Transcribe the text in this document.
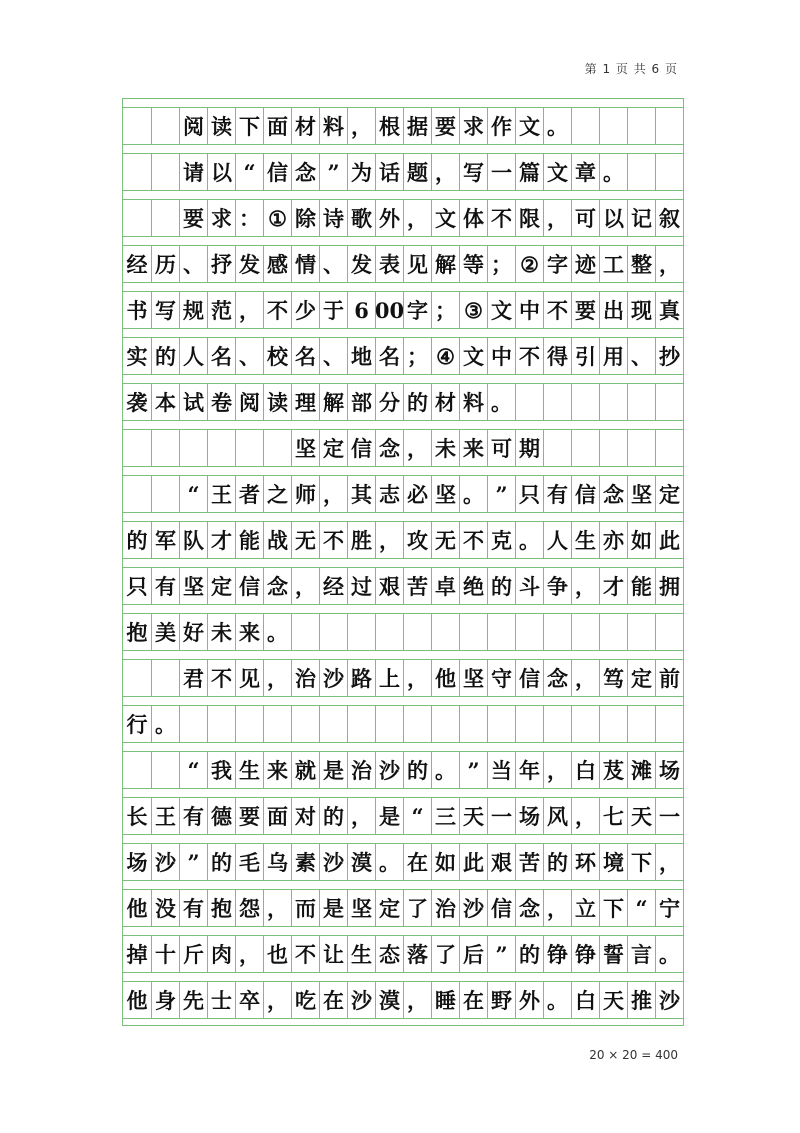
第 1 页 共 6 页
阅 读 下 面 材 料 ， 根 据 要 求 作 文 。
请 以 “ 信 念 ” 为 话 题 ， 写 一 篇 文 章 。
要 求 ： ① 除 诗 歌 外 ， 文 体 不 限 ， 可 以 记 叙
经 历 、 抒 发 感 情 、 发 表 见 解 等 ； ② 字 迹 工 整 ，
书 写 规 范 ， 不 少 于 6 00 字 ； ③ 文 中 不 要 出 现 真
实 的 人 名 、 校 名 、 地 名 ； ④ 文 中 不 得 引 用 、 抄
袭 本 试 卷 阅 读 理 解 部 分 的 材 料 。
坚 定 信 念 ， 未 来 可 期
“ 王 者 之 师 ， 其 志 必 坚 。 ” 只 有 信 念 坚 定
的 军 队 才 能 战 无 不 胜 ， 攻 无 不 克 。 人 生 亦 如 此
只 有 坚 定 信 念 ， 经 过 艰 苦 卓 绝 的 斗 争 ， 才 能 拥
抱 美 好 未 来 。
君 不 见 ， 治 沙 路 上 ， 他 坚 守 信 念 ， 笃 定 前
行 。
“ 我 生 来 就 是 治 沙 的 。 ” 当 年 ， 白 芨 滩 场
长 王 有 德 要 面 对 的 ， 是 “ 三 天 一 场 风 ， 七 天 一
场 沙 ” 的 毛 乌 素 沙 漠 。 在 如 此 艰 苦 的 环 境 下 ，
他 没 有 抱 怨 ， 而 是 坚 定 了 治 沙 信 念 ， 立 下 “ 宁
掉 十 斤 肉 ， 也 不 让 生 态 落 了 后 ” 的 铮 铮 誓 言 。
他 身 先 士 卒 ， 吃 在 沙 漠 ， 睡 在 野 外 。 白 天 推 沙
20 × 20 = 400
